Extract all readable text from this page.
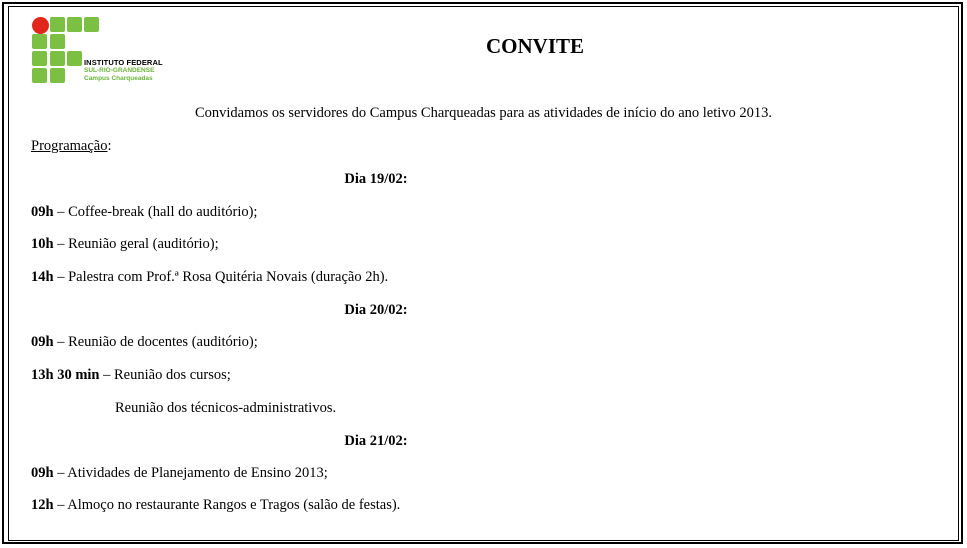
INSTITUTO FEDERAL
SUL-RIO-GRANDENSE
Campus Charqueadas
CONVITE
Convidamos os servidores do Campus Charqueadas para as atividades de início do ano letivo 2013.
Programação:
Dia 19/02:
09h – Coffee-break (hall do auditório);
10h – Reunião geral (auditório);
14h – Palestra com Prof.ª Rosa Quitéria Novais (duração 2h).
Dia 20/02:
09h – Reunião de docentes (auditório);
13h 30 min – Reunião dos cursos;
Reunião dos técnicos-administrativos.
Dia 21/02:
09h – Atividades de Planejamento de Ensino 2013;
12h – Almoço no restaurante Rangos e Tragos (salão de festas).
